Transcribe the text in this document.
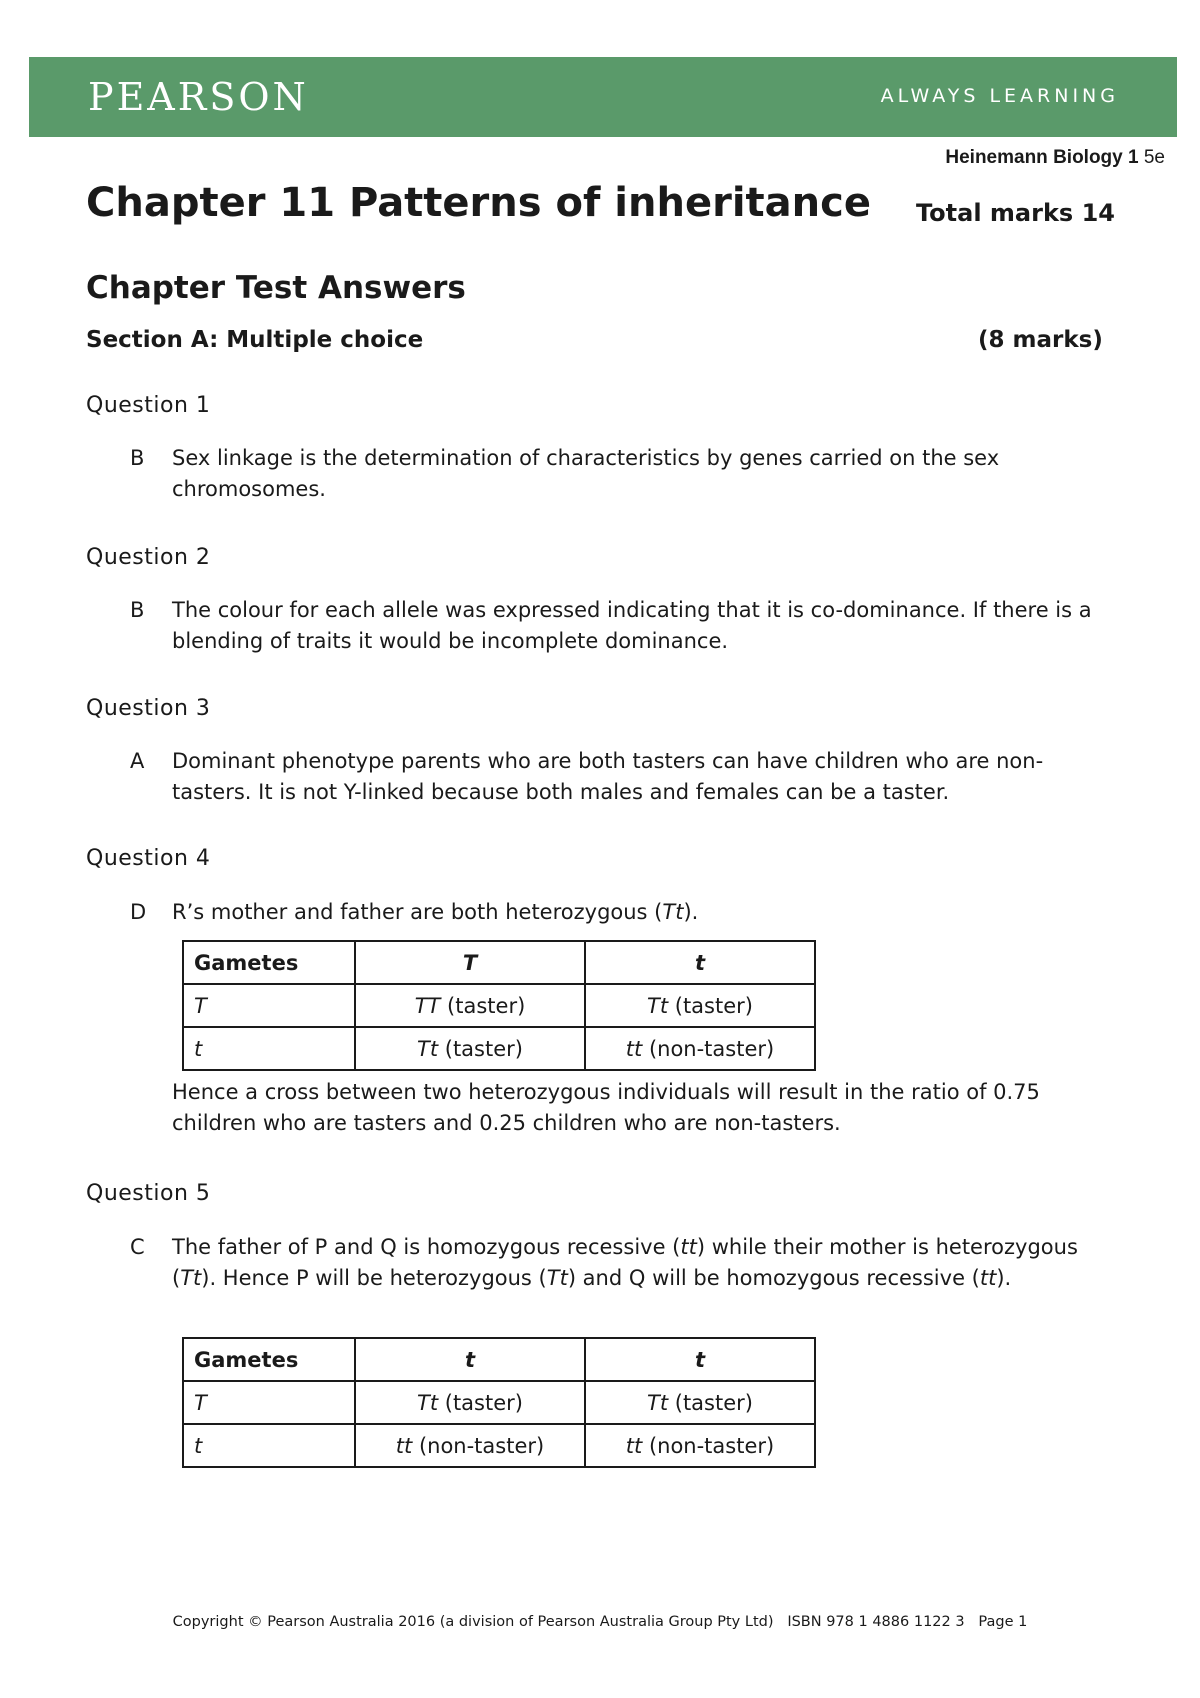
PEARSON	ALWAYS LEARNING
Heinemann Biology 1 5e
Chapter 11 Patterns of inheritance Total marks 14
Chapter Test Answers
Section A: Multiple choice	(8 marks)
Question 1
B	Sex linkage is the determination of characteristics by genes carried on the sex chromosomes.
Question 2
B	The colour for each allele was expressed indicating that it is co-dominance. If there is a blending of traits it would be incomplete dominance.
Question 3
A	Dominant phenotype parents who are both tasters can have children who are non-tasters. It is not Y-linked because both males and females can be a taster.
Question 4
D	R’s mother and father are both heterozygous (Tt).
Gametes	T	t
T	TT (taster)	Tt (taster)
t	Tt (taster)	tt (non-taster)
Hence a cross between two heterozygous individuals will result in the ratio of 0.75 children who are tasters and 0.25 children who are non-tasters.
Question 5
C	The father of P and Q is homozygous recessive (tt) while their mother is heterozygous (Tt). Hence P will be heterozygous (Tt) and Q will be homozygous recessive (tt).
Gametes	t	t
T	Tt (taster)	Tt (taster)
t	tt (non-taster)	tt (non-taster)
Copyright © Pearson Australia 2016 (a division of Pearson Australia Group Pty Ltd) ISBN 978 1 4886 1122 3 Page 1
